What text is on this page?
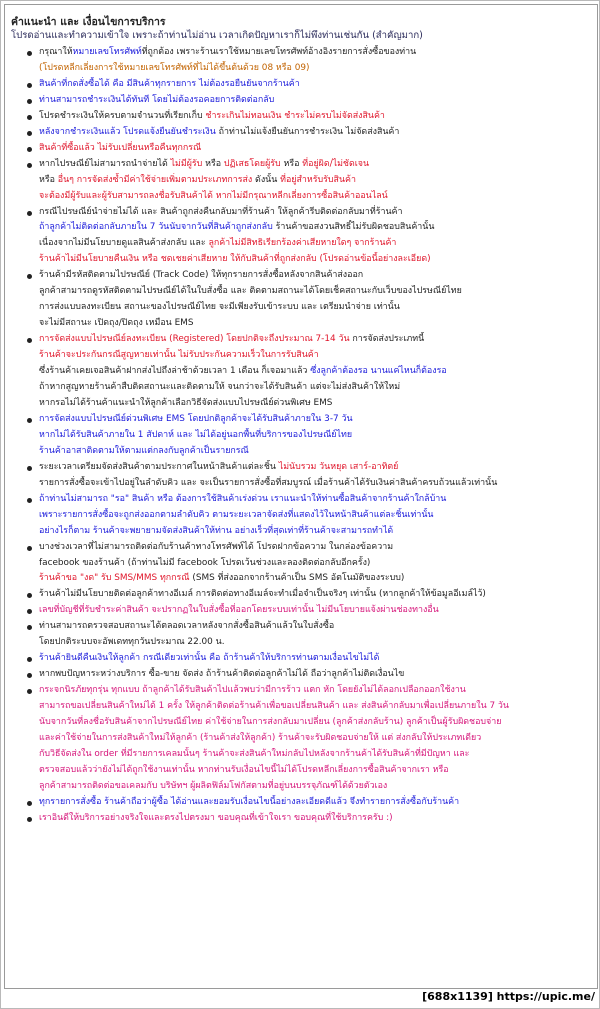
คำแนะนำ และ เงื่อนไขการบริการ
โปรดอ่านและทำความเข้าใจ เพราะถ้าท่านไม่อ่าน เวลาเกิดปัญหาเราก็ไม่พึงท่านเช่นกัน (สำคัญมาก)
กรุณาให้หมายเลขโทรศัพท์ที่ถูกต้อง เพราะร้านเราใช้หมายเลขโทรศัพท์อ้างอิงรายการสั่งซื้อของท่าน
(โปรดหลีกเลี่ยงการใช้หมายเลขโทรศัพท์ที่ไม่ได้ขึ้นต้นด้วย 08 หรือ 09)
สินค้าที่กดสั่งซื้อได้ คือ มีสินค้าทุกรายการ ไม่ต้องรอยืนยันจากร้านค้า
ท่านสามารถชำระเงินได้ทันที โดยไม่ต้องรอคอยการติดต่อกลับ
โปรดชำระเงินให้ครบตามจำนวนที่เรียกเก็บ ชำระเกินไม่ทอนเงิน ชำระไม่ครบไม่จัดส่งสินค้า
หลังจากชำระเงินแล้ว โปรดแจ้งยืนยันชำระเงิน ถ้าท่านไม่แจ้งยืนยันการชำระเงิน ไม่จัดส่งสินค้า
สินค้าที่ซื้อแล้ว ไม่รับเปลี่ยนหรือคืนทุกกรณี
หากไปรษณีย์ไม่สามารถนำจ่ายได้ ไม่มีผู้รับ หรือ ปฏิเสธโดยผู้รับ หรือ ที่อยู่ผิด/ไม่ชัดเจน
หรือ อื่นๆ การจัดส่งซ้ำมีค่าใช้จ่ายเพิ่มตามประเภทการส่ง ดังนั้น ที่อยู่สำหรับรับสินค้า
จะต้องมีผู้รับและผู้รับสามารถลงชื่อรับสินค้าได้ หากไม่มีกรุณาหลีกเลี่ยงการซื้อสินค้าออนไลน์
กรณีไปรษณีย์นำจ่ายไม่ได้ และ สินค้าถูกส่งคืนกลับมาที่ร้านค้า ให้ลูกค้ารีบติดต่อกลับมาที่ร้านค้า
ถ้าลูกค้าไม่ติดต่อกลับภายใน 7 วันนับจากวันที่สินค้าถูกส่งกลับ ร้านค้าขอสงวนสิทธิ์ไม่รับผิดชอบสินค้านั้น
เนื่องจากไม่มีนโยบายดูแลสินค้าส่งกลับ และ ลูกค้าไม่มีสิทธิเรียกร้องค่าเสียหายใดๆ จากร้านค้า
ร้านค้าไม่มีนโยบายคืนเงิน หรือ ชดเชยค่าเสียหาย ให้กับสินค้าที่ถูกส่งกลับ (โปรดอ่านข้อนี้อย่างละเอียด)
ร้านค้ามีรหัสติดตามไปรษณีย์ (Track Code) ให้ทุกรายการสั่งซื้อหลังจากสินค้าส่งออก
ลูกค้าสามารถดูรหัสติดตามไปรษณีย์ได้ในใบสั่งซื้อ และ ติดตามสถานะได้โดยเช็คสถานะกับเว็บของไปรษณีย์ไทย
การส่งแบบลงทะเบียน สถานะของไปรษณีย์ไทย จะมีเพียงรับเข้าระบบ และ เตรียมนำจ่าย เท่านั้น
จะไม่มีสถานะ เปิดถุง/ปิดถุง เหมือน EMS
การจัดส่งแบบไปรษณีย์ลงทะเบียน (Registered) โดยปกติจะถึงประมาณ 7-14 วัน การจัดส่งประเภทนี้
ร้านค้าจะประกันกรณีสูญหายเท่านั้น ไม่รับประกันความเร็วในการรับสินค้า
ซึ่งร้านค้าเคยเจอสินค้าฝากส่งไปถึงล่าช้าด้วยเวลา 1 เดือน ก็เจอมาแล้ว ซึ่งลูกค้าต้องรอ นานแค่ไหนก็ต้องรอ
ถ้าหากสูญหายร้านค้าสืบติดสถานะและติดตามให้ จนกว่าจะได้รับสินค้า แต่จะไม่ส่งสินค้าให้ใหม่
หากรอไม่ได้ร้านค้าแนะนำให้ลูกค้าเลือกวิธีจัดส่งแบบไปรษณีย์ด่วนพิเศษ EMS
การจัดส่งแบบไปรษณีย์ด่วนพิเศษ EMS โดยปกติลูกค้าจะได้รับสินค้าภายใน 3-7 วัน
หากไม่ได้รับสินค้าภายใน 1 สัปดาห์ และ ไม่ได้อยู่นอกพื้นที่บริการของไปรษณีย์ไทย
ร้านค้าอาสาติดตามให้ตามแต่กลงกับลูกค้าเป็นรายกรณี
ระยะเวลาเตรียมจัดส่งสินค้าตามประกาศในหน้าสินค้าแต่ละชิ้น ไม่นับรวม วันหยุด เสาร์-อาทิตย์
รายการสั่งซื้อจะเข้าไปอยู่ในลำดับคิว และ จะเป็นรายการสั่งซื้อที่สมบูรณ์ เมื่อร้านค้าได้รับเงินค่าสินค้าครบถ้วนแล้วเท่านั้น
ถ้าท่านไม่สามารถ "รอ" สินค้า หรือ ต้องการใช้สินค้าเร่งด่วน เราแนะนำให้ท่านซื้อสินค้าจากร้านค้าใกล้บ้าน
เพราะรายการสั่งซื้อจะถูกส่งออกตามลำดับคิว ตามระยะเวลาจัดส่งที่แสดงไว้ในหน้าสินค้าแต่ละชิ้นเท่านั้น
อย่างไรก็ตาม ร้านค้าจะพยายามจัดส่งสินค้าให้ท่าน อย่างเร็วที่สุดเท่าที่ร้านค้าจะสามารถทำได้
บางช่วงเวลาที่ไม่สามารถติดต่อกับร้านค้าทางโทรศัพท์ได้ โปรดฝากข้อความ ในกล่องข้อความ
facebook ของร้านค้า (ถ้าท่านไม่มี facebook โปรดเว้นช่วงและลองติดต่อกลับอีกครั้ง)
ร้านค้าขอ "งด" รับ SMS/MMS ทุกกรณี (SMS ที่ส่งออกจากร้านค้าเป็น SMS อัตโนมัติของระบบ)
ร้านค้าไม่มีนโยบายติดต่อลูกค้าทางอีเมล์ การติดต่อทางอีเมล์จะทำเมื่อจำเป็นจริงๆ เท่านั้น (หากลูกค้าให้ข้อมูลอีเมล์ไว้)
เลขที่บัญชีที่รับชำระค่าสินค้า จะปรากฏในใบสั่งซื้อที่ออกโดยระบบเท่านั้น ไม่มีนโยบายแจ้งผ่านช่องทางอื่น
ท่านสามารถตรวจสอบสถานะได้ตลอดเวลาหลังจากสั่งซื้อสินค้าแล้วในใบสั่งซื้อ
โดยปกติระบบจะอัพเดททุกวันประมาณ 22.00 น.
ร้านค้ายินดีคืนเงินให้ลูกค้า กรณีเดียวเท่านั้น คือ ถ้าร้านค้าให้บริการท่านตามเงื่อนไขไม่ได้
หากพบปัญหาระหว่างบริการ ซื้อ-ขาย จัดส่ง ถ้าร้านค้าติดต่อลูกค้าไม่ได้ ถือว่าลูกค้าไม่ติดเงื่อนไข
กระจกนิรภัยทุกรุ่น ทุกแบบ ถ้าลูกค้าได้รับสินค้าไปแล้วพบว่ามีการร้าว แตก หัก โดยยังไม่ได้ลอกเปลือกออกใช้งาน
สามารถขอเปลี่ยนสินค้าใหม่ได้ 1 ครั้ง ให้ลูกค้าติดต่อร้านค้าเพื่อขอเปลี่ยนสินค้า และ ส่งสินค้ากลับมาเพื่อเปลี่ยนภายใน 7 วัน
นับจากวันที่ลงชื่อรับสินค้าจากไปรษณีย์ไทย ค่าใช้จ่ายในการส่งกลับมาเปลี่ยน (ลูกค้าส่งกลับร้าน) ลูกค้าเป็นผู้รับผิดชอบจ่าย
และค่าใช้จ่ายในการส่งสินค้าใหม่ให้ลูกค้า (ร้านค้าส่งให้ลูกค้า) ร้านค้าจะรับผิดชอบจ่ายให้ แต่ ส่งกลับให้ประเภทเดียว
กับวิธีจัดส่งใน order ที่มีรายการเคลมนั้นๆ ร้านค้าจะส่งสินค้าใหม่กลับไปหลังจากร้านค้าได้รับสินค้าที่มีปัญหา และ
ตรวจสอบแล้วว่ายังไม่ได้ถูกใช้งานเท่านั้น หากท่านรับเงื่อนไขนี้ไม่ได้โปรดหลีกเลี่ยงการซื้อสินค้าจากเรา หรือ
ลูกค้าสามารถติดต่อขอเคลมกับ บริษัทฯ ผู้ผลิตฟิล์มโฟกัสตามที่อยู่บนบรรจุภัณฑ์ได้ด้วยตัวเอง
ทุกรายการสั่งซื้อ ร้านค้าถือว่าผู้ซื้อ ได้อ่านและยอมรับเงื่อนไขนี้อย่างละเอียดดีแล้ว จึงทำรายการสั่งซื้อกับร้านค้า
เราอินดีให้บริการอย่างจริงใจและตรงไปตรงมา ขอบคุณที่เข้าใจเรา ขอบคุณที่ใช้บริการครับ :)
[688x1139] https://upic.me/
